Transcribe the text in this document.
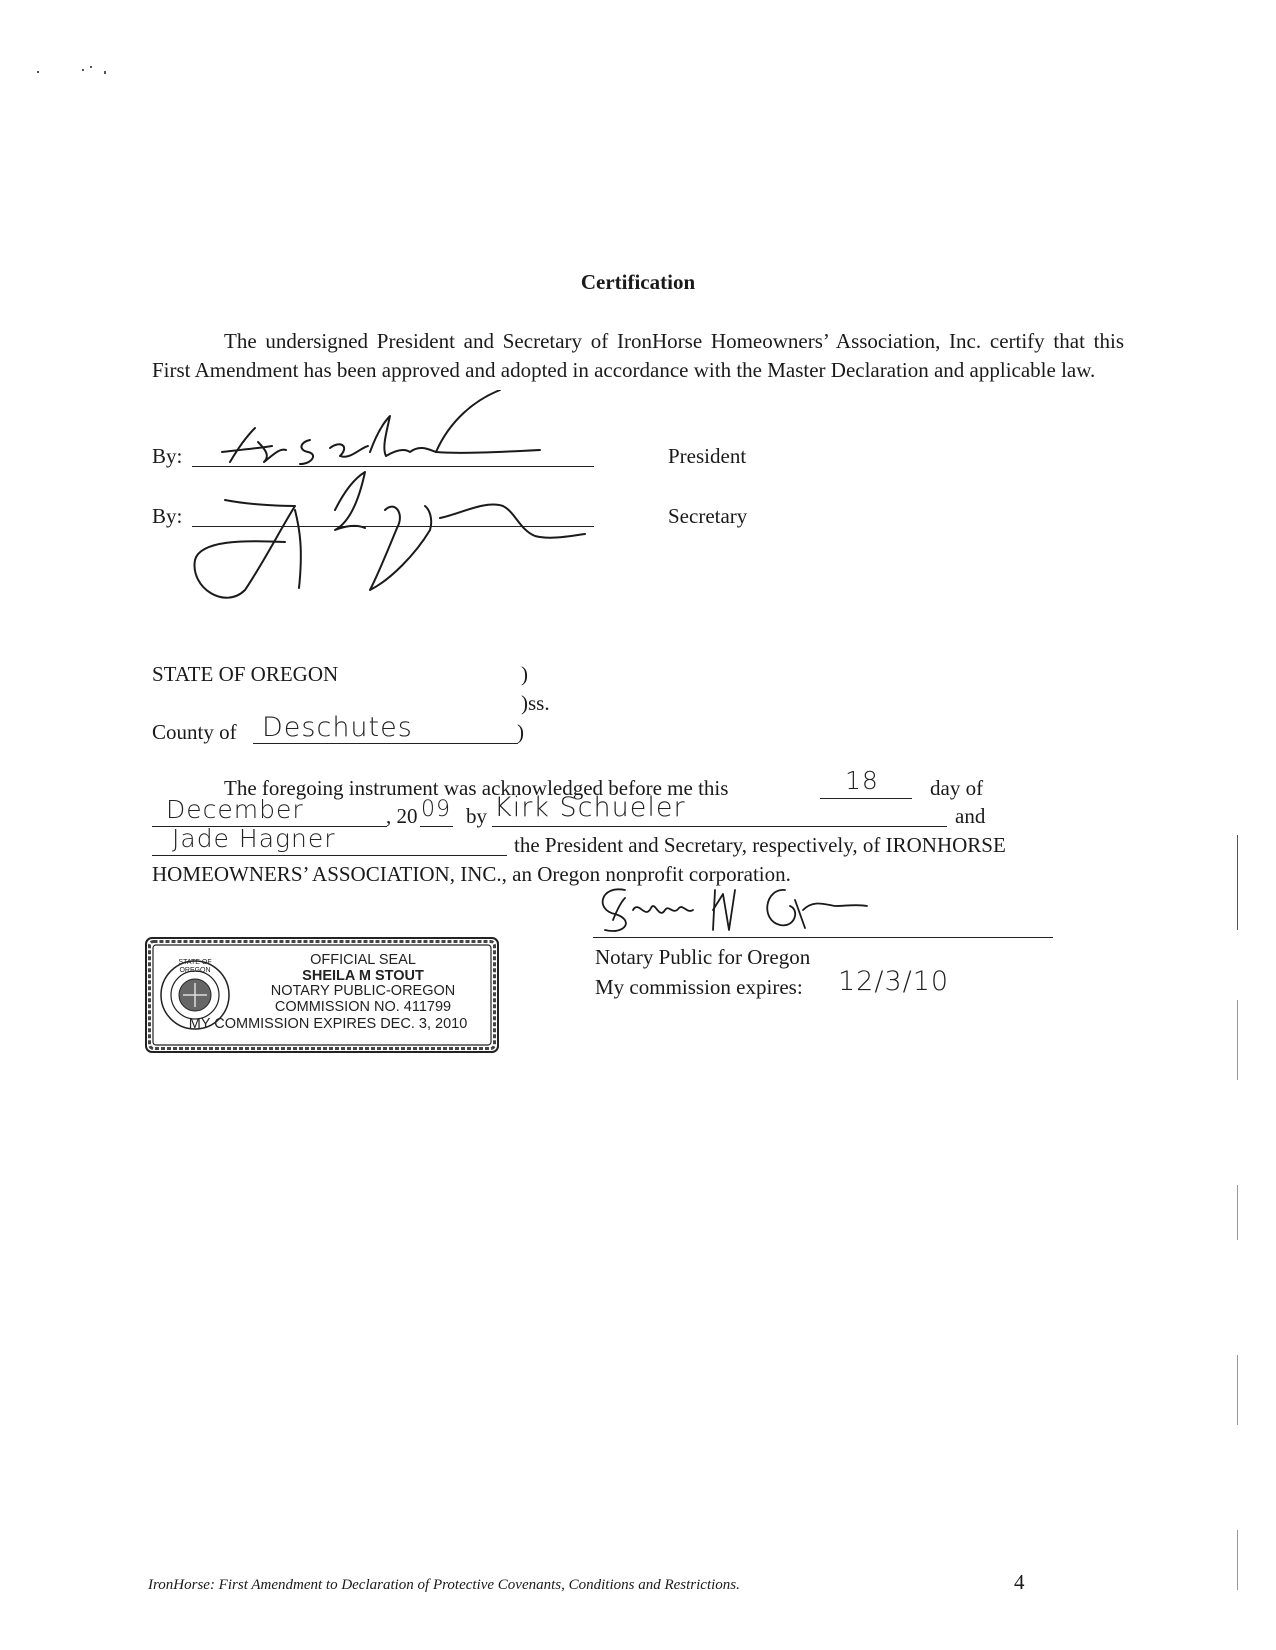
Certification
The undersigned President and Secretary of IronHorse Homeowners’ Association, Inc. certify that this First Amendment has been approved and adopted in accordance with the Master Declaration and applicable law.
By:	President
By:	Secretary
STATE OF OREGON	)
)ss.
County of Deschutes	)
The foregoing instrument was acknowledged before me this	18 day of
December	, 20 09 by Kirk Schueler	and
Jade Hagner	the President and Secretary, respectively, of IRONHORSE
HOMEOWNERS’ ASSOCIATION, INC., an Oregon nonprofit corporation.
Notary Public for Oregon
My commission expires: 12/3/10
STATE OF OREGON
OFFICIAL SEAL
SHEILA M STOUT
NOTARY PUBLIC-OREGON
COMMISSION NO. 411799
MY COMMISSION EXPIRES DEC. 3, 2010
IronHorse: First Amendment to Declaration of Protective Covenants, Conditions and Restrictions.	4
